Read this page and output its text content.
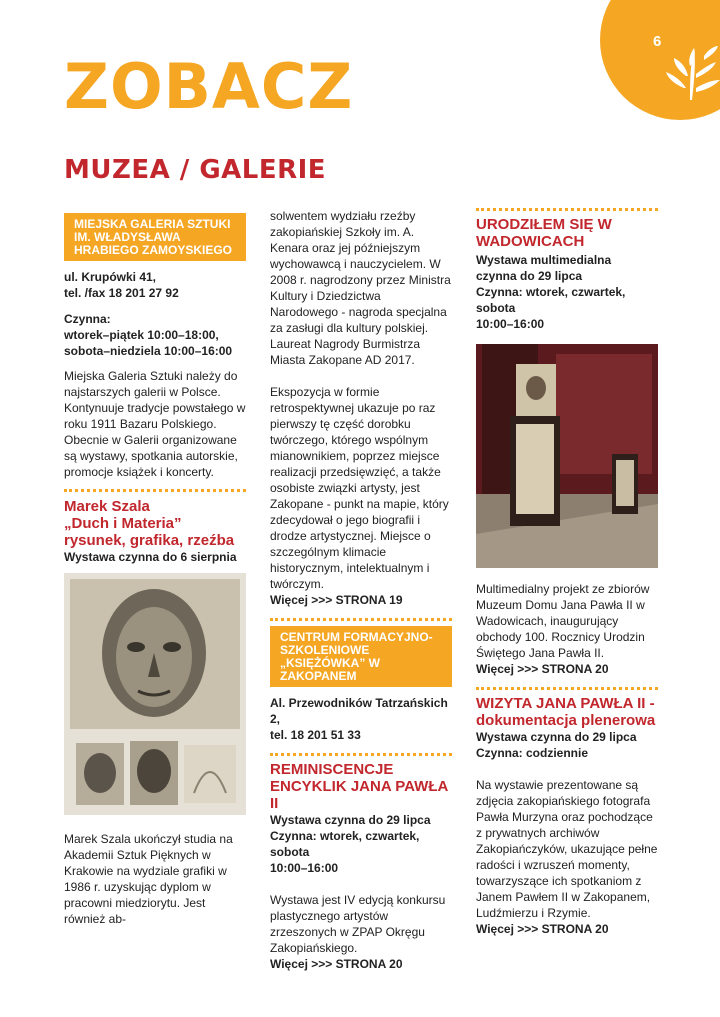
6
ZOBACZ
MUZEA / GALERIE
MIEJSKA GALERIA SZTUKI IM. WŁADYSŁAWA HRABIEGO ZAMOYSKIEGO

ul. Krupówki 41,

tel. /fax 18 201 27 92

Czynna:

wtorek–piątek 10:00–18:00,

sobota–niedziela 10:00–16:00

Miejska Galeria Sztuki należy do najstarszych galerii w Polsce. Kontynuuje tradycje powstałego w roku 1911 Bazaru Polskiego. Obecnie w Galerii organizowane są wystawy, spotkania autorskie, promocje książek i koncerty.

Marek Szala

„Duch i Materia”

rysunek, grafika, rzeźba

Wystawa czynna do 6 sierpnia

Marek Szala ukończył studia na Akademii Sztuk Pięknych w Krakowie na wydziale grafiki w 1986 r. uzyskując dyplom w pracowni miedziorytu. Jest również ab-

solwentem wydziału rzeźby zakopiańskiej Szkoły im. A. Kenara oraz jej późniejszym wychowawcą i nauczycielem. W 2008 r. nagrodzony przez Ministra Kultury i Dziedzictwa Narodowego - nagroda specjalna za zasługi dla kultury polskiej. Laureat Nagrody Burmistrza Miasta Zakopane AD 2017.

Ekspozycja w formie retrospektywnej ukazuje po raz pierwszy tę część dorobku twórczego, którego wspólnym mianownikiem, poprzez miejsce realizacji przedsięwzięć, a także osobiste związki artysty, jest Zakopane - punkt na mapie, który zdecydował o jego biografii i drodze artystycznej. Miejsce o szczególnym klimacie historycznym, intelektualnym i twórczym.

Więcej >>> STRONA 19

CENTRUM FORMACYJNO-SZKOLENIOWE „KSIĘŻÓWKA” W ZAKOPANEM

Al. Przewodników Tatrzańskich 2,

tel. 18 201 51 33

REMINISCENCJE ENCYKLIK JANA PAWŁA II

Wystawa czynna do 29 lipca

Czynna: wtorek, czwartek, sobota

10:00–16:00

Wystawa jest IV edycją konkursu plastycznego artystów zrzeszonych w ZPAP Okręgu Zakopiańskiego.

Więcej >>> STRONA 20

URODZIŁEM SIĘ W WADOWICACH

Wystawa multimedialna

czynna do 29 lipca

Czynna: wtorek, czwartek, sobota

10:00–16:00

Multimedialny projekt ze zbiorów Muzeum Domu Jana Pawła II w Wadowicach, inaugurujący obchody 100. Rocznicy Urodzin Świętego Jana Pawła II.

Więcej >>> STRONA 20

WIZYTA JANA PAWŁA II - dokumentacja plenerowa

Wystawa czynna do 29 lipca

Czynna: codziennie

Na wystawie prezentowane są zdjęcia zakopiańskiego fotografa Pawła Murzyna oraz pochodzące z prywatnych archiwów Zakopiańczyków, ukazujące pełne radości i wzruszeń momenty, towarzyszące ich spotkaniom z Janem Pawłem II w Zakopanem, Ludźmierzu i Rzymie.

Więcej >>> STRONA 20
